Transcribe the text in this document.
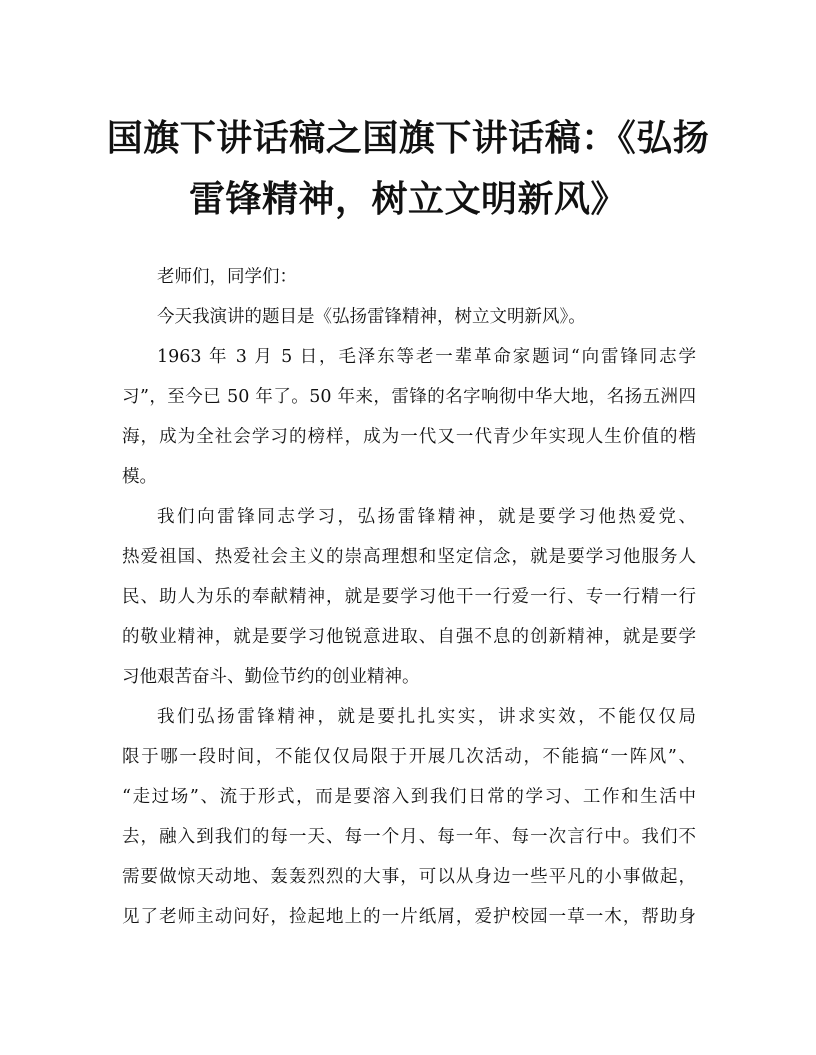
国旗下讲话稿之国旗下讲话稿：《弘扬
雷锋精神，树立文明新风》

老师们，同学们：

今天我演讲的题目是《弘扬雷锋精神，树立文明新风》。

1963 年 3 月 5 日，毛泽东等老一辈革命家题词“向雷锋同志学
习”，至今已 50 年了。50 年来，雷锋的名字响彻中华大地，名扬五洲四
海，成为全社会学习的榜样，成为一代又一代青少年实现人生价值的楷
模。

我们向雷锋同志学习，弘扬雷锋精神，就是要学习他热爱党、
热爱祖国、热爱社会主义的崇高理想和坚定信念，就是要学习他服务人
民、助人为乐的奉献精神，就是要学习他干一行爱一行、专一行精一行
的敬业精神，就是要学习他锐意进取、自强不息的创新精神，就是要学
习他艰苦奋斗、勤俭节约的创业精神。

我们弘扬雷锋精神，就是要扎扎实实，讲求实效，不能仅仅局
限于哪一段时间，不能仅仅局限于开展几次活动，不能搞“一阵风”、
“走过场”、流于形式，而是要溶入到我们日常的学习、工作和生活中
去，融入到我们的每一天、每一个月、每一年、每一次言行中。我们不
需要做惊天动地、轰轰烈烈的大事，可以从身边一些平凡的小事做起，
见了老师主动问好，捡起地上的一片纸屑，爱护校园一草一木，帮助身
